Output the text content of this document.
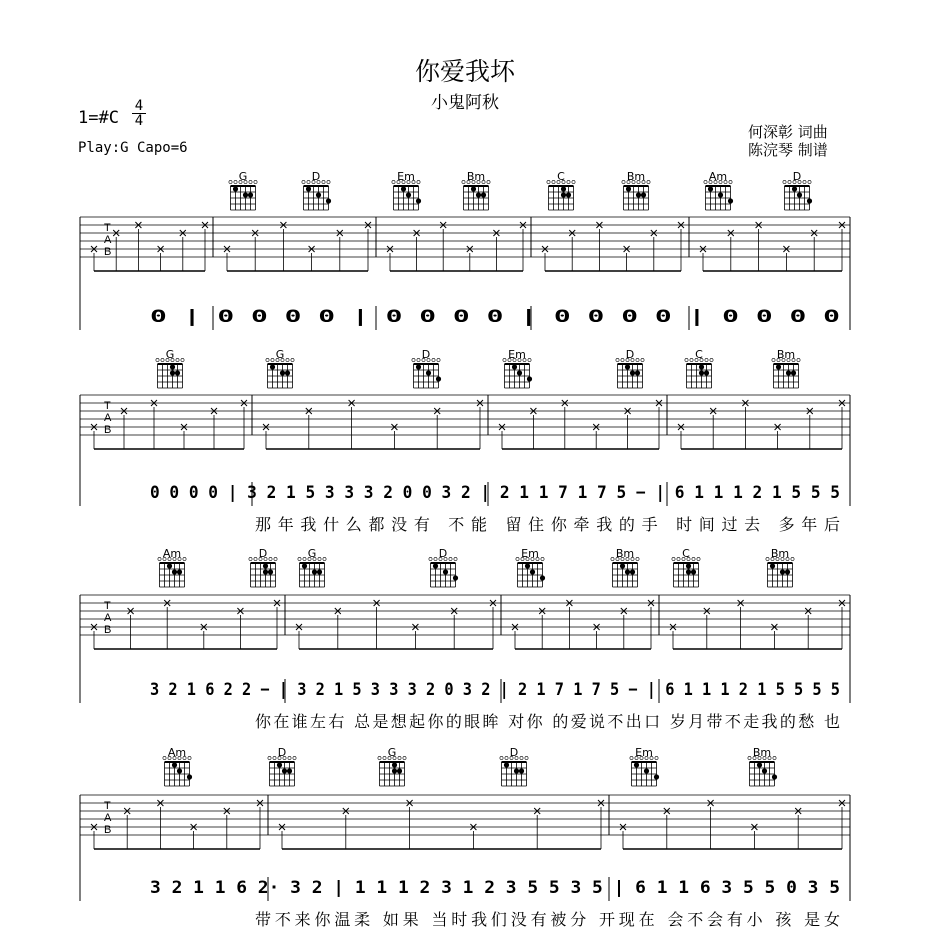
你爱我坏
小鬼阿秋
何深彰 词曲
陈浣琴 制谱
1=#C
4
4
Play:G Capo=6
T
A
B
0 | 0 0 0 0 | 0 0 0 0 | 0 0 0 0 | 0 0 0 0
T
A
B
0 0 0 0 | 3 2 1 5 3 3 3 2 0 0 3 2 | 2 1 1 7 1 7 5 − | 6 1 1 1 2 1 5 5 5
那年我什么都没有 不能 留住你牵我的手 时间过去 多年后
T
A
B
3 2 1 6 2 2 − | 3 2 1 5 3 3 3 2 0 3 2 | 2 1 7 1 7 5 − | 6 1 1 1 2 1 5 5 5 5
你在谁左右 总是想起你的眼眸 对你 的爱说不出口 岁月带不走我的愁 也
T
A
B
3 2 1 1 6 2· 3 2 | 1 1 1 2 3 1 2 3 5 5 3 5 | 6 1 1 6 3 5 5 0 3 5
带不来你温柔 如果 当时我们没有被分 开现在 会不会有小 孩 是女
G	D	Em	Bm	C	Bm	Am	D
G	G	D	Em	D	C	Bm
Am	D	G	D	Em	Bm	C	Bm
Am	D	G	D	Em	Bm
